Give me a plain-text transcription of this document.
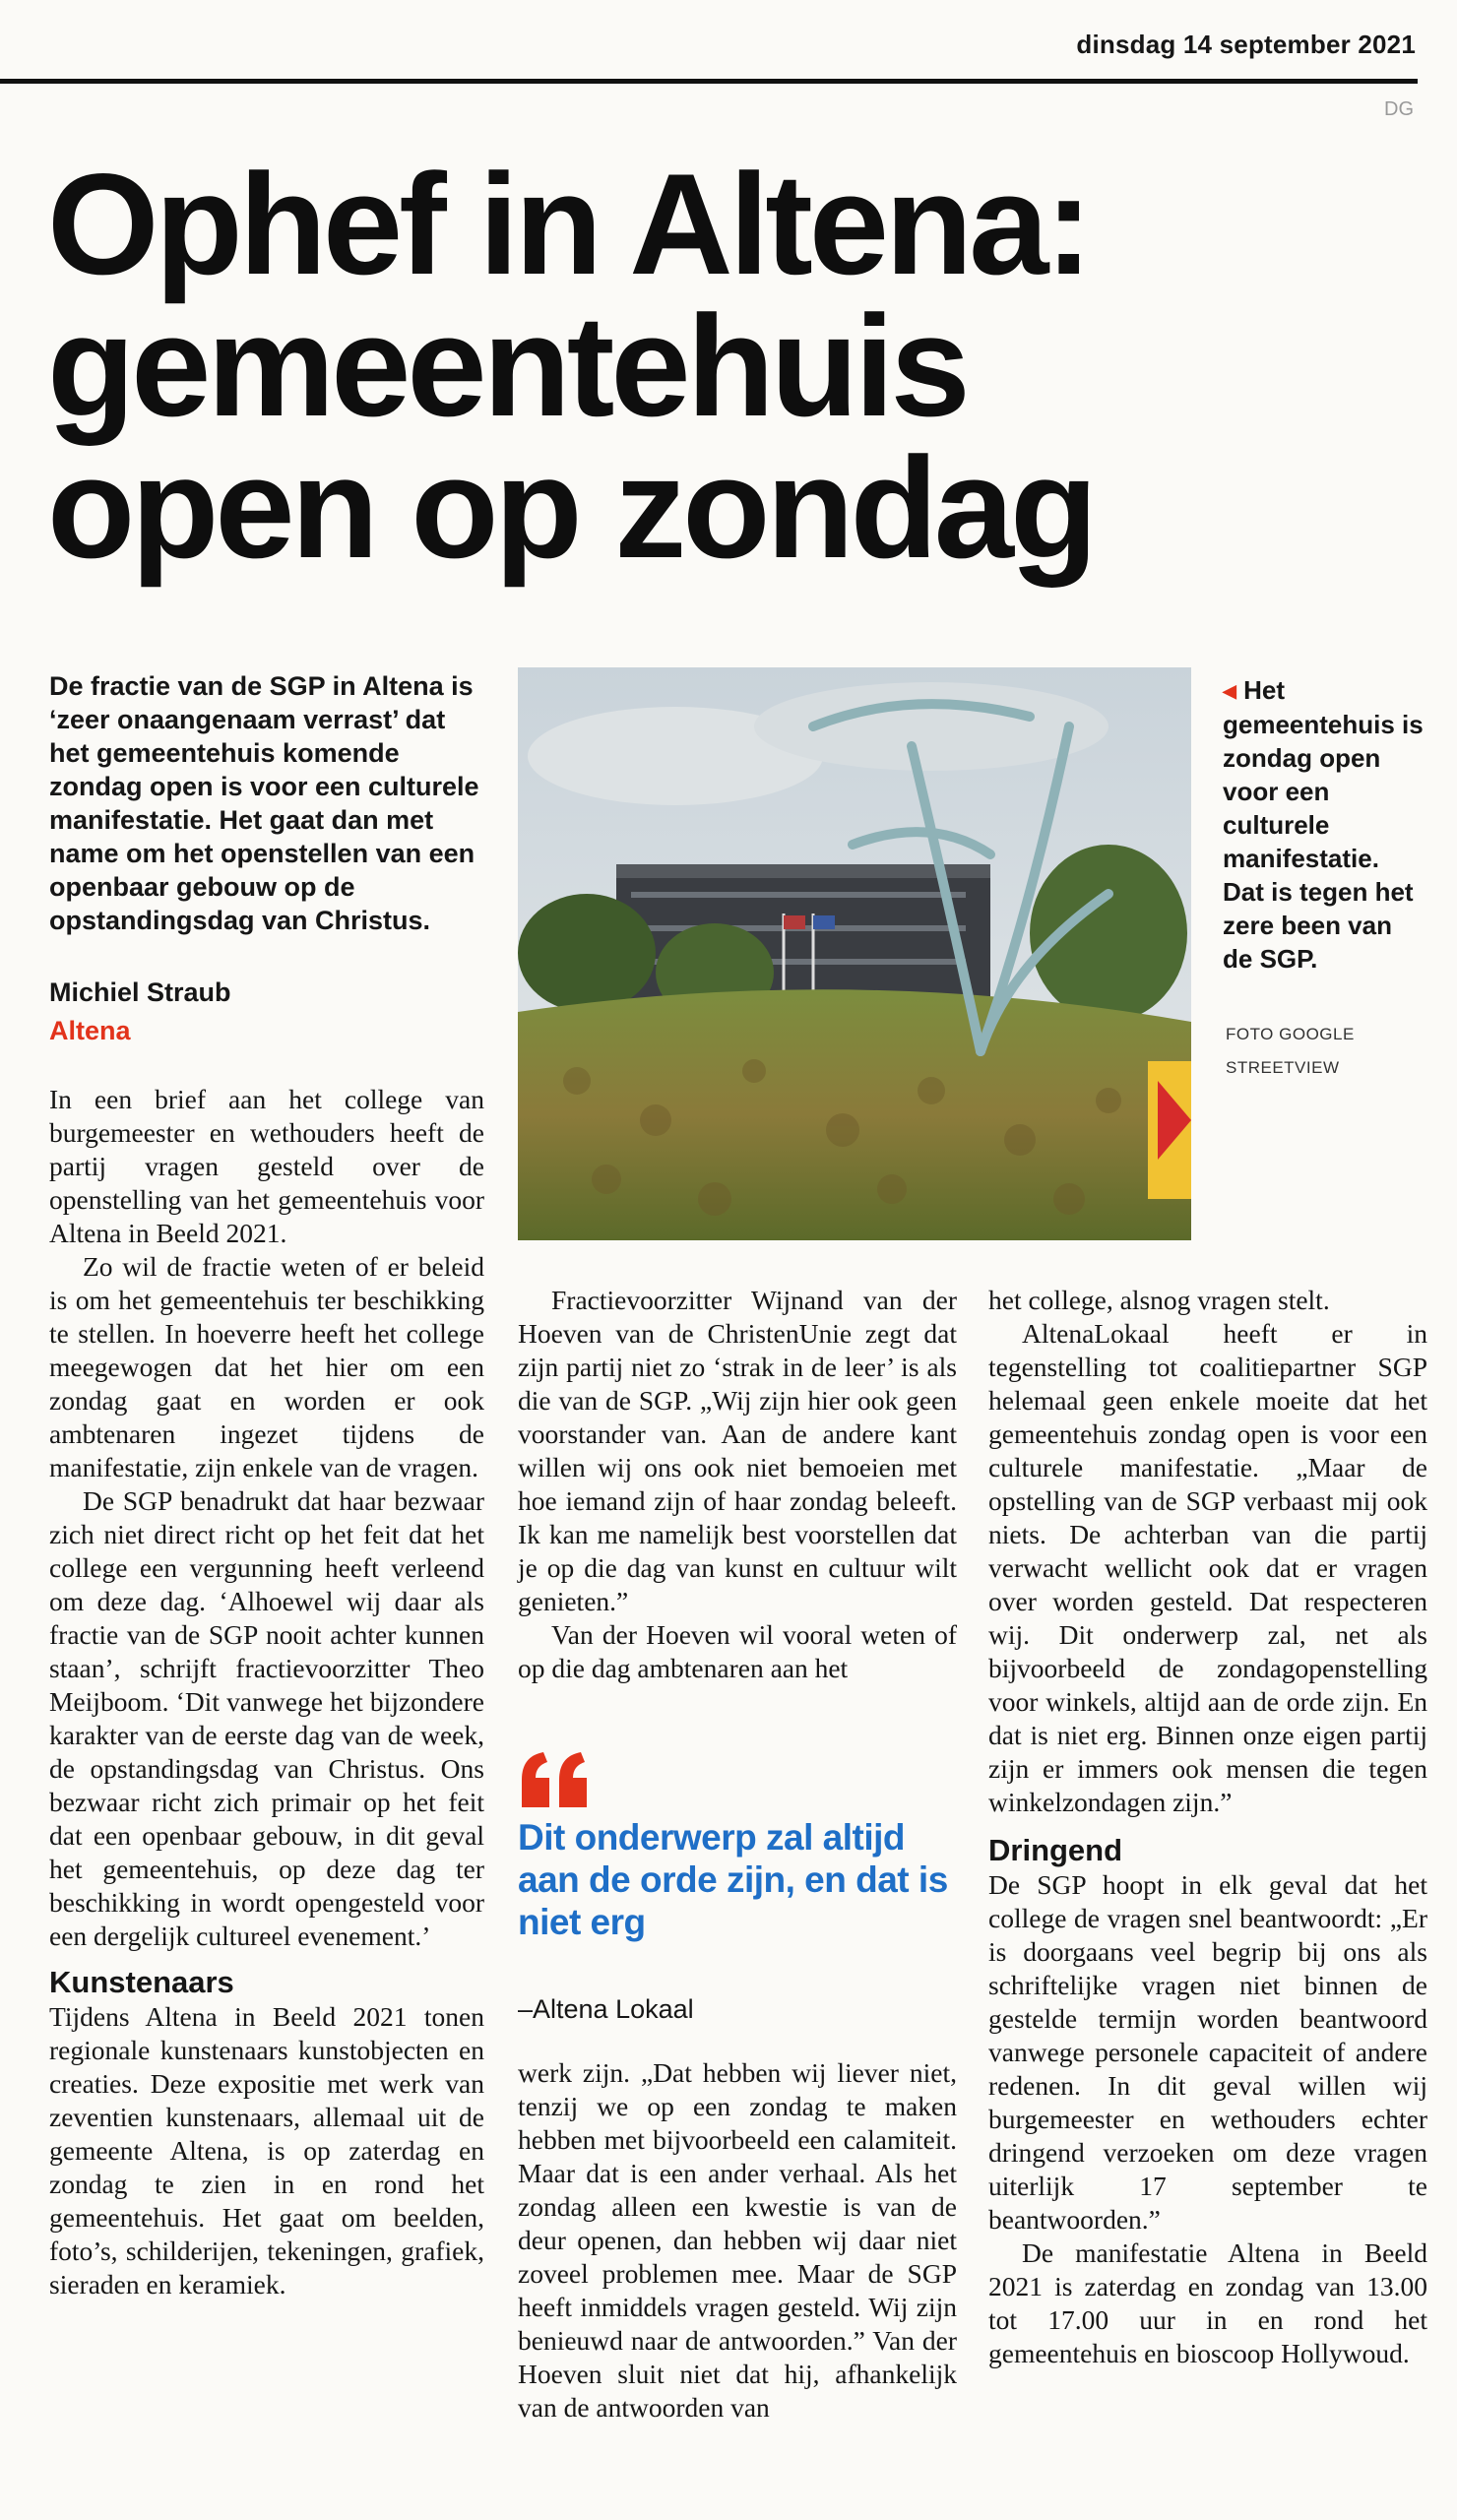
dinsdag 14 september 2021
DG
Ophef in Altena:
gemeentehuis
open op zondag
De fractie van de SGP in Altena is ‘zeer onaangenaam verrast’ dat het gemeentehuis komende zondag open is voor een culturele manifestatie. Het gaat dan met name om het openstellen van een openbaar gebouw op de opstandingsdag van Christus.
Michiel Straub
Altena
◀ Het gemeentehuis is zondag open voor een culturele manifestatie. Dat is tegen het zere been van de SGP.
FOTO GOOGLE
STREETVIEW

In een brief aan het college van burgemeester en wethouders heeft de partij vragen gesteld over de openstelling van het gemeentehuis voor Altena in Beeld 2021.

Zo wil de fractie weten of er beleid is om het gemeentehuis ter beschikking te stellen. In hoeverre heeft het college meegewogen dat het hier om een zondag gaat en worden er ook ambtenaren ingezet tijdens de manifestatie, zijn enkele van de vragen.

De SGP benadrukt dat haar bezwaar zich niet direct richt op het feit dat het college een vergunning heeft verleend om deze dag. ‘Alhoewel wij daar als fractie van de SGP nooit achter kunnen staan’, schrijft fractievoorzitter Theo Meijboom. ‘Dit vanwege het bijzondere karakter van de eerste dag van de week, de opstandingsdag van Christus. Ons bezwaar richt zich primair op het feit dat een openbaar gebouw, in dit geval het gemeentehuis, op deze dag ter beschikking in wordt opengesteld voor een dergelijk cultureel evenement.’

Kunstenaars

Tijdens Altena in Beeld 2021 tonen regionale kunstenaars kunstobjecten en creaties. Deze expositie met werk van zeventien kunstenaars, allemaal uit de gemeente Altena, is op zaterdag en zondag te zien in en rond het gemeentehuis. Het gaat om beelden, foto’s, schilderijen, tekeningen, grafiek, sieraden en keramiek.

Fractievoorzitter Wijnand van der Hoeven van de ChristenUnie zegt dat zijn partij niet zo ‘strak in de leer’ is als die van de SGP. „Wij zijn hier ook geen voorstander van. Aan de andere kant willen wij ons ook niet bemoeien met hoe iemand zijn of haar zondag beleeft. Ik kan me namelijk best voorstellen dat je op die dag van kunst en cultuur wilt genieten.”

Van der Hoeven wil vooral weten of op die dag ambtenaren aan het

Dit onderwerp zal altijd aan de orde zijn, en dat is niet erg
–Altena Lokaal

werk zijn. „Dat hebben wij liever niet, tenzij we op een zondag te maken hebben met bijvoorbeeld een calamiteit. Maar dat is een ander verhaal. Als het zondag alleen een kwestie is van de deur openen, dan hebben wij daar niet zoveel problemen mee. Maar de SGP heeft inmiddels vragen gesteld. Wij zijn benieuwd naar de antwoorden.” Van der Hoeven sluit niet dat hij, afhankelijk van de antwoorden van

het college, alsnog vragen stelt.

AltenaLokaal heeft er in tegenstelling tot coalitiepartner SGP helemaal geen enkele moeite dat het gemeentehuis zondag open is voor een culturele manifestatie. „Maar de opstelling van de SGP verbaast mij ook niets. De achterban van die partij verwacht wellicht ook dat er vragen over worden gesteld. Dat respecteren wij. Dit onderwerp zal, net als bijvoorbeeld de zondagopenstelling voor winkels, altijd aan de orde zijn. En dat is niet erg. Binnen onze eigen partij zijn er immers ook mensen die tegen winkelzondagen zijn.”

Dringend

De SGP hoopt in elk geval dat het college de vragen snel beantwoordt: „Er is doorgaans veel begrip bij ons als schriftelijke vragen niet binnen de gestelde termijn worden beantwoord vanwege personele capaciteit of andere redenen. In dit geval willen wij burgemeester en wethouders echter dringend verzoeken om deze vragen uiterlijk 17 september te beantwoorden.”

De manifestatie Altena in Beeld 2021 is zaterdag en zondag van 13.00 tot 17.00 uur in en rond het gemeentehuis en bioscoop Hollywoud.
